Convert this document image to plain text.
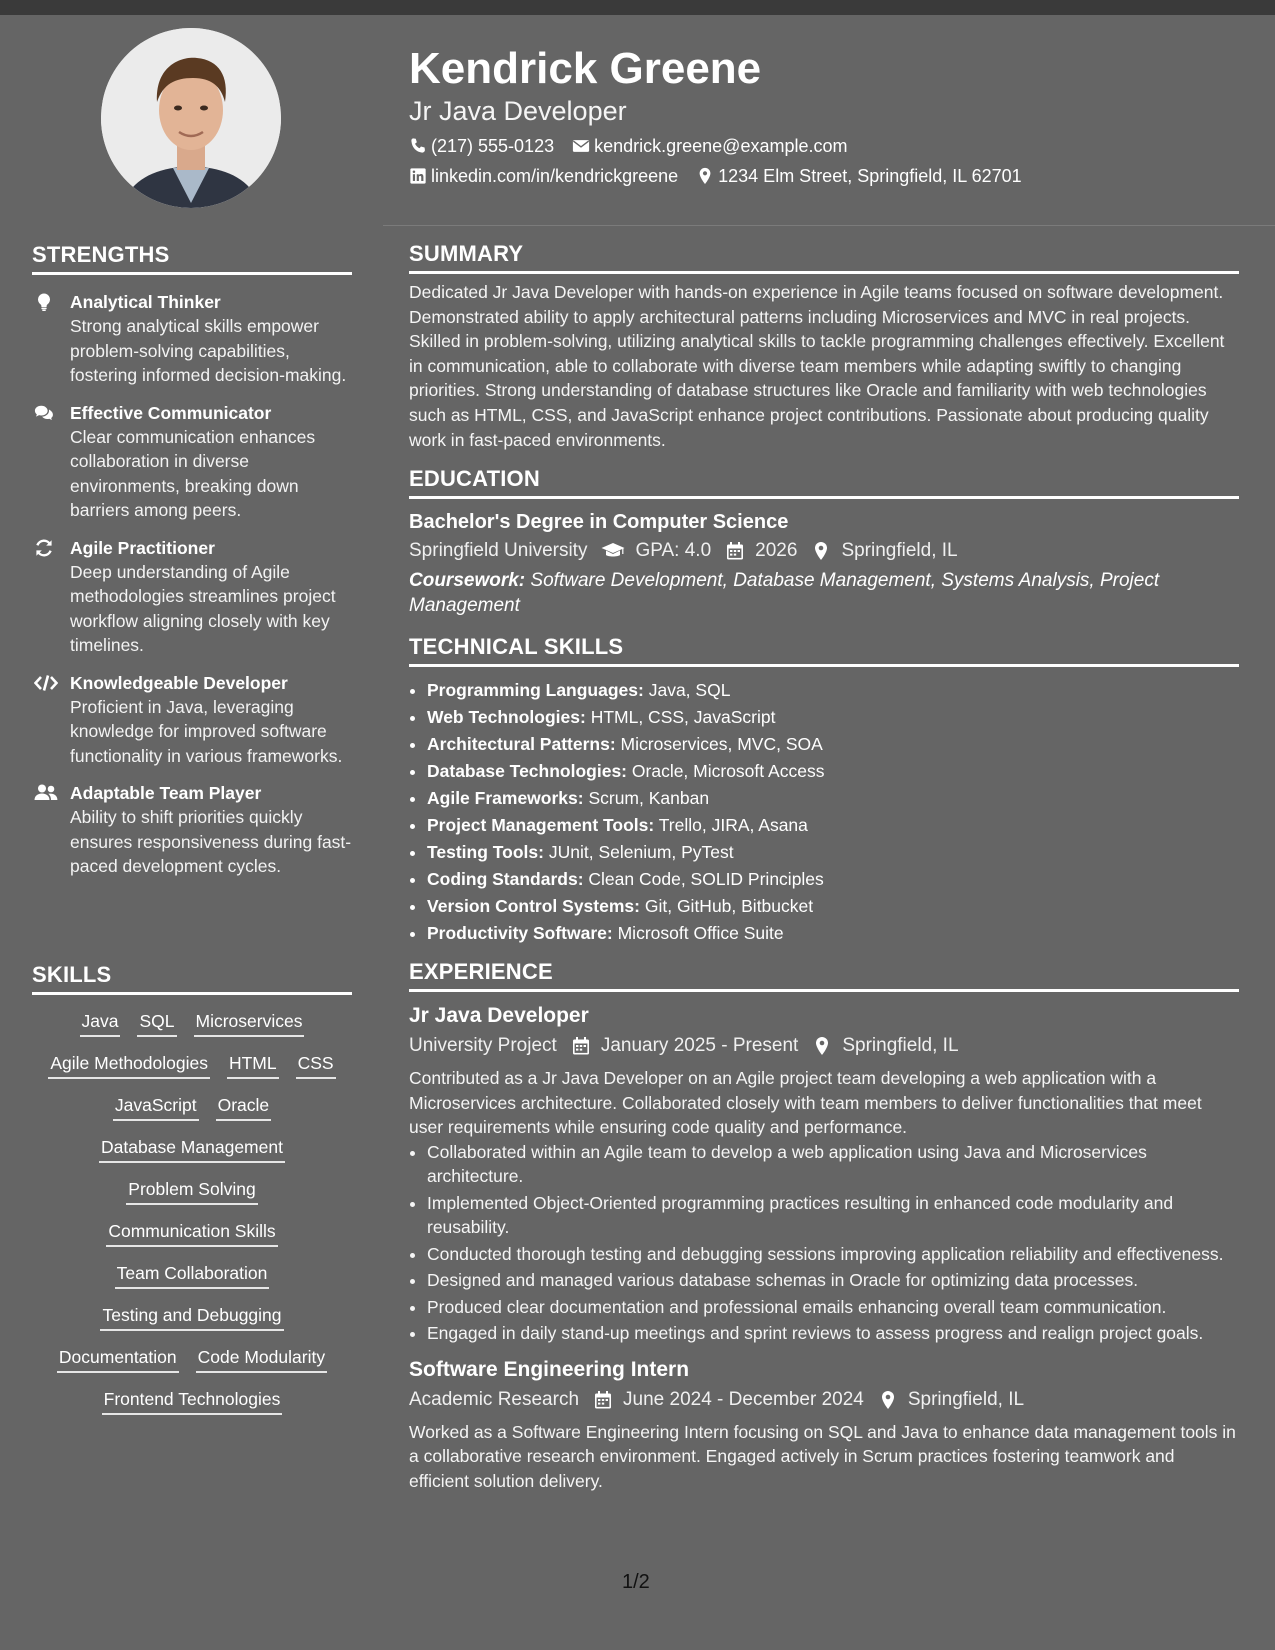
STRENGTHS
Analytical Thinker
Strong analytical skills empower problem-solving capabilities, fostering informed decision-making.
Effective Communicator
Clear communication enhances collaboration in diverse environments, breaking down barriers among peers.
Agile Practitioner
Deep understanding of Agile methodologies streamlines project workflow aligning closely with key timelines.
Knowledgeable Developer
Proficient in Java, leveraging knowledge for improved software functionality in various frameworks.
Adaptable Team Player
Ability to shift priorities quickly ensures responsiveness during fast-paced development cycles.
SKILLS
Java SQL Microservices
Agile Methodologies HTML CSS
JavaScript Oracle
Database Management
Problem Solving
Communication Skills
Team Collaboration
Testing and Debugging
Documentation Code Modularity
Frontend Technologies
Kendrick Greene
Jr Java Developer
(217) 555-0123 kendrick.greene@example.com
linkedin.com/in/kendrickgreene 1234 Elm Street, Springfield, IL 62701
SUMMARY
Dedicated Jr Java Developer with hands-on experience in Agile teams focused on software development. Demonstrated ability to apply architectural patterns including Microservices and MVC in real projects. Skilled in problem-solving, utilizing analytical skills to tackle programming challenges effectively. Excellent in communication, able to collaborate with diverse team members while adapting swiftly to changing priorities. Strong understanding of database structures like Oracle and familiarity with web technologies such as HTML, CSS, and JavaScript enhance project contributions. Passionate about producing quality work in fast-paced environments.
EDUCATION
Bachelor's Degree in Computer Science
Springfield University	GPA: 4.0 2026 Springfield, IL
Coursework: Software Development, Database Management, Systems Analysis, Project Management
TECHNICAL SKILLS
• Programming Languages: Java, SQL
• Web Technologies: HTML, CSS, JavaScript
• Architectural Patterns: Microservices, MVC, SOA
• Database Technologies: Oracle, Microsoft Access
• Agile Frameworks: Scrum, Kanban
• Project Management Tools: Trello, JIRA, Asana
• Testing Tools: JUnit, Selenium, PyTest
• Coding Standards: Clean Code, SOLID Principles
• Version Control Systems: Git, GitHub, Bitbucket
• Productivity Software: Microsoft Office Suite
EXPERIENCE
Jr Java Developer
University Project January 2025 - Present Springfield, IL
Contributed as a Jr Java Developer on an Agile project team developing a web application with a Microservices architecture. Collaborated closely with team members to deliver functionalities that meet user requirements while ensuring code quality and performance.
• Collaborated within an Agile team to develop a web application using Java and Microservices architecture.
• Implemented Object-Oriented programming practices resulting in enhanced code modularity and reusability.
• Conducted thorough testing and debugging sessions improving application reliability and effectiveness.
• Designed and managed various database schemas in Oracle for optimizing data processes.
• Produced clear documentation and professional emails enhancing overall team communication.
• Engaged in daily stand-up meetings and sprint reviews to assess progress and realign project goals.
Software Engineering Intern
Academic Research June 2024 - December 2024 Springfield, IL
Worked as a Software Engineering Intern focusing on SQL and Java to enhance data management tools in a collaborative research environment. Engaged actively in Scrum practices fostering teamwork and efficient solution delivery.
1/2
